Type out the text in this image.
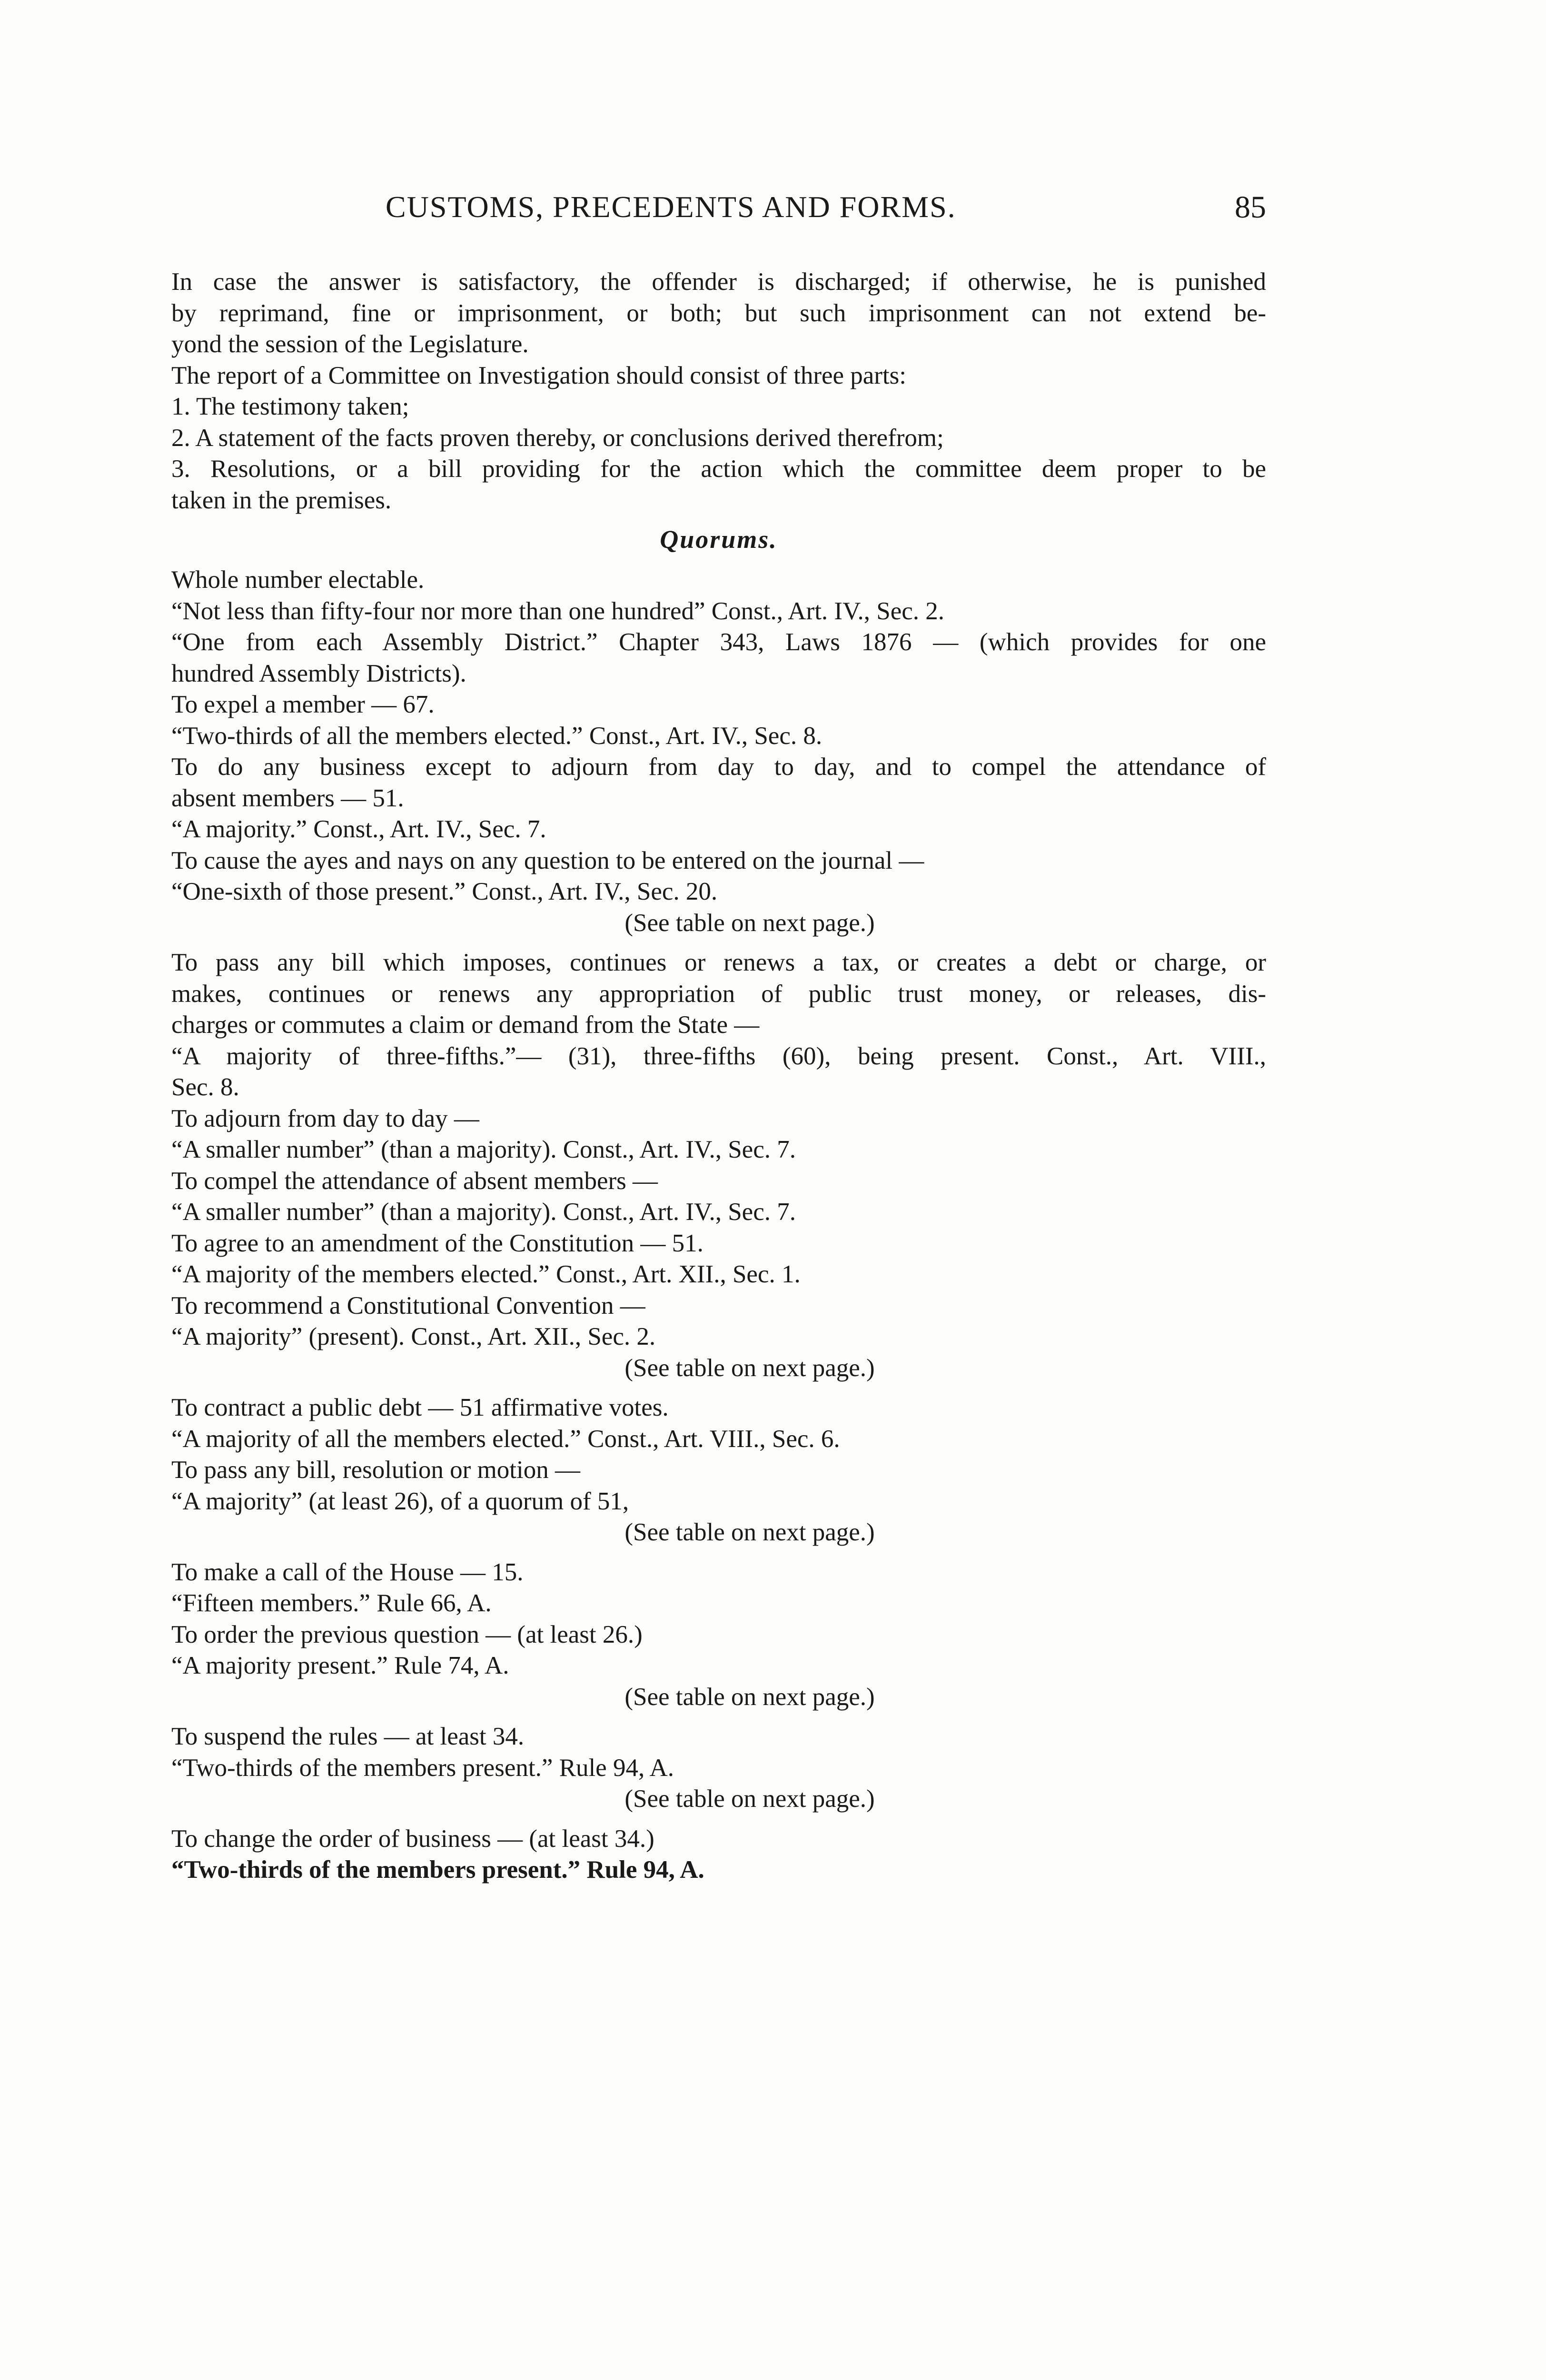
CUSTOMS, PRECEDENTS AND FORMS.	85
In case the answer is satisfactory, the offender is discharged; if otherwise, he is punished
by reprimand, fine or imprisonment, or both; but such imprisonment can not extend be-
yond the session of the Legislature.
The report of a Committee on Investigation should consist of three parts:
1. The testimony taken;
2. A statement of the facts proven thereby, or conclusions derived therefrom;
3. Resolutions, or a bill providing for the action which the committee deem proper to be
taken in the premises.
Quorums.
Whole number electable.
“Not less than fifty-four nor more than one hundred” Const., Art. IV., Sec. 2.
“One from each Assembly District.” Chapter 343, Laws 1876 — (which provides for one
hundred Assembly Districts).
To expel a member — 67.
“Two-thirds of all the members elected.” Const., Art. IV., Sec. 8.
To do any business except to adjourn from day to day, and to compel the attendance of
absent members — 51.
“A majority.” Const., Art. IV., Sec. 7.
To cause the ayes and nays on any question to be entered on the journal —
“One-sixth of those present.” Const., Art. IV., Sec. 20.
(See table on next page.)
To pass any bill which imposes, continues or renews a tax, or creates a debt or charge, or
makes, continues or renews any appropriation of public trust money, or releases, dis-
charges or commutes a claim or demand from the State —
“A majority of three-fifths.”— (31), three-fifths (60), being present. Const., Art. VIII.,
Sec. 8.
To adjourn from day to day —
“A smaller number” (than a majority). Const., Art. IV., Sec. 7.
To compel the attendance of absent members —
“A smaller number” (than a majority). Const., Art. IV., Sec. 7.
To agree to an amendment of the Constitution — 51.
“A majority of the members elected.” Const., Art. XII., Sec. 1.
To recommend a Constitutional Convention —
“A majority” (present). Const., Art. XII., Sec. 2.
(See table on next page.)
To contract a public debt — 51 affirmative votes.
“A majority of all the members elected.” Const., Art. VIII., Sec. 6.
To pass any bill, resolution or motion —
“A majority” (at least 26), of a quorum of 51,
(See table on next page.)
To make a call of the House — 15.
“Fifteen members.” Rule 66, A.
To order the previous question — (at least 26.)
“A majority present.” Rule 74, A.
(See table on next page.)
To suspend the rules — at least 34.
“Two-thirds of the members present.” Rule 94, A.
(See table on next page.)
To change the order of business — (at least 34.)
“Two-thirds of the members present.” Rule 94, A.
